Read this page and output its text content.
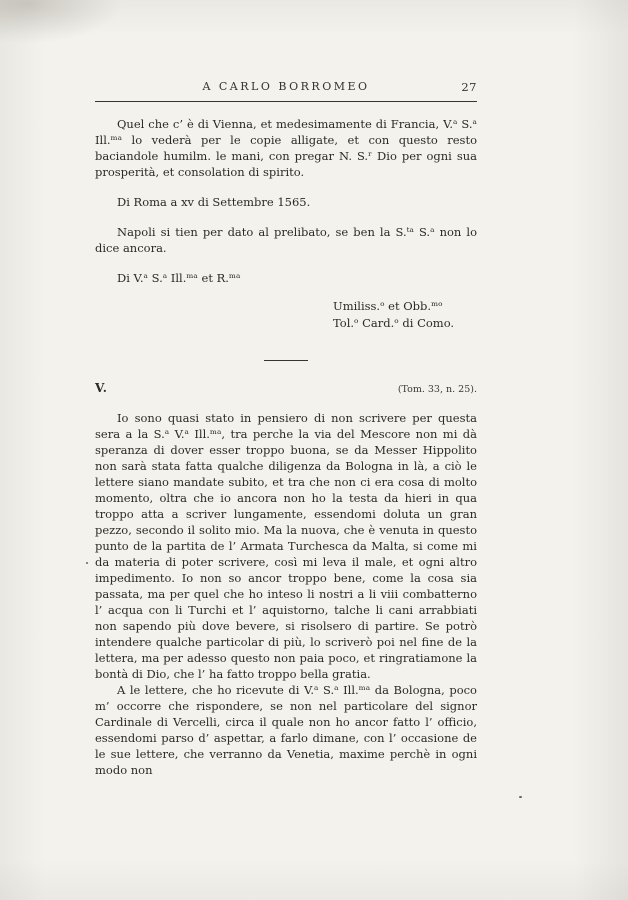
A CARLO BORROMEO	27

Quel che c’ è di Vienna, et medesimamente di Francia, V.ᵃ S.ᵃ Ill.ᵐᵃ lo vederà per le copie alligate, et con questo resto baciandole humilm. le mani, con pregar N. S.ʳ Dio per ogni sua prosperità, et consolation di spirito.

Di Roma a xv di Settembre 1565.

Napoli si tien per dato al prelibato, se ben la S.ᵗᵃ S.ᵃ non lo dice ancora.

Di V.ᵃ S.ᵃ Ill.ᵐᵃ et R.ᵐᵃ

Umiliss.ᵒ et Obb.ᵐᵒ
Tol.ᵒ Card.ᵒ di Como.
V.	(Tom. 33, n. 25).

Io sono quasi stato in pensiero di non scrivere per questa sera a la S.ᵃ V.ᵃ Ill.ᵐᵃ, tra perche la via del Mescore non mi dà speranza di dover esser troppo buona, se da Messer Hippolito non sarà stata fatta qualche diligenza da Bologna in là, a ciò le lettere siano mandate subito, et tra che non ci era cosa di molto momento, oltra che io ancora non ho la testa da hieri in qua troppo atta a scriver lungamente, essendomi doluta un gran pezzo, secondo il solito mio. Ma la nuova, che è venuta in questo punto de la partita de l’ Armata Turchesca da Malta, si come mi da materia di poter scrivere, così mi leva il male, et ogni altro impedimento. Io non so ancor troppo bene, come la cosa sia passata, ma per quel che ho inteso li nostri a li viii combatterno l’ acqua con li Turchi et l’ aquistorno, talche li cani arrabbiati non sapendo più dove bevere, si risolsero di partire. Se potrò intendere qualche particolar di più, lo scriverò poi nel fine de la lettera, ma per adesso questo non paia poco, et ringratiamone la bontà di Dio, che l’ ha fatto troppo bella gratia.

A le lettere, che ho ricevute di V.ᵃ S.ᵃ Ill.ᵐᵃ da Bologna, poco m’ occorre che rispondere, se non nel particolare del signor Cardinale di Vercelli, circa il quale non ho ancor fatto l’ officio, essendomi parso d’ aspettar, a farlo dimane, con l’ occasione de le sue lettere, che verranno da Venetia, maxime perchè in ogni modo non
